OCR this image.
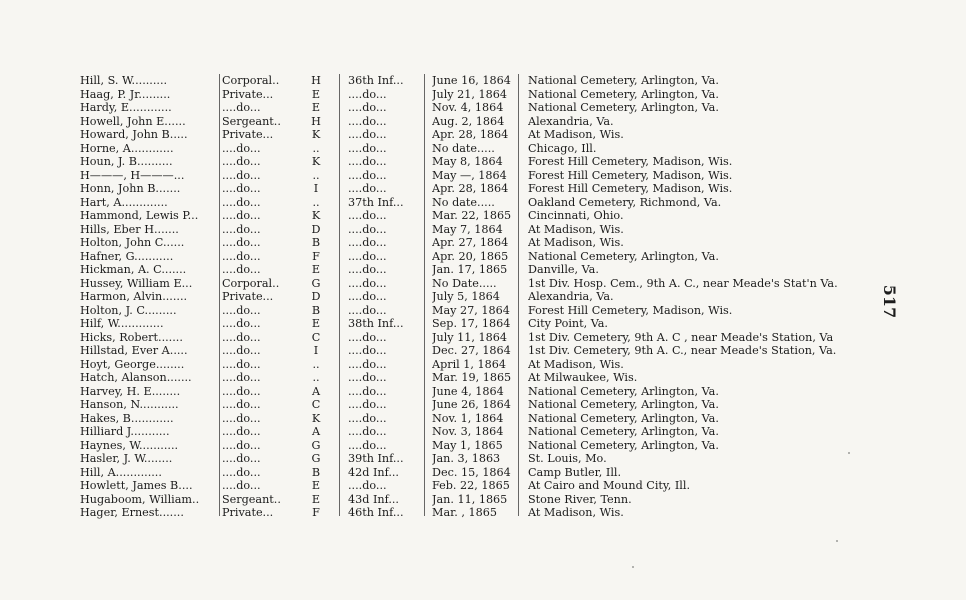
Hill, S. W..........	Corporal..	H 36th Inf...	June 16, 1864 National Cemetery, Arlington, Va.
Haag, P. Jr.........	Private...	E	....do...	July 21, 1864	National Cemetery, Arlington, Va.
Hardy, E............	....do...	E	....do...	Nov. 4, 1864	National Cemetery, Arlington, Va.
Howell, John E......	Sergeant..	H ....do...	Aug. 2, 1864	Alexandria, Va.
Howard, John B.....	Private...	K	....do...	Apr. 28, 1864	At Madison, Wis.
Horne, A............	....do...	..	....do...	No date.....	Chicago, Ill.
Houn, J. B..........	....do...	K	....do...	May 8, 1864	Forest Hill Cemetery, Madison, Wis.
H———, H———...	....do...	..	....do...	May —, 1864	Forest Hill Cemetery, Madison, Wis.
Honn, John B.......	....do...	I	....do...	Apr. 28, 1864	Forest Hill Cemetery, Madison, Wis.
Hart, A.............	....do...	..	37th Inf...	No date.....	Oakland Cemetery, Richmond, Va.
Hammond, Lewis P...	....do...	K	....do...	Mar. 22, 1865 Cincinnati, Ohio.
Hills, Eber H.......	....do...	D	....do...	May 7, 1864	At Madison, Wis.
Holton, John C......	....do...	B	....do...	Apr. 27, 1864	At Madison, Wis.
Hafner, G...........	....do...	F	....do...	Apr. 20, 1865	National Cemetery, Arlington, Va.
Hickman, A. C.......	....do...	E	....do...	Jan. 17, 1865	Danville, Va.
Hussey, William E...	Corporal..	G	....do...	No Date.....	1st Div. Hosp. Cem., 9th A. C., near Meade's Stat'n Va.
Harmon, Alvin.......	Private...	D	....do...	July 5, 1864	Alexandria, Va.
Holton, J. C.........	....do...	B	....do...	May 27, 1864	Forest Hill Cemetery, Madison, Wis.
Hilf, W.............	....do...	E	38th Inf...	Sep. 17, 1864	City Point, Va.
Hicks, Robert.......	....do...	C	....do...	July 11, 1864	1st Div. Cemetery, 9th A. C , near Meade's Station, Va
Hillstad, Ever A.....	....do...	I	....do...	Dec. 27, 1864 1st Div. Cemetery, 9th A. C., near Meade's Station, Va.
Hoyt, George........	....do...	..	....do...	April 1, 1864	At Madison, Wis.
Hatch, Alanson.......	....do...	..	....do...	Mar. 19, 1865 At Milwaukee, Wis.
Harvey, H. E........	....do...	A	....do...	June 4, 1864	National Cemetery, Arlington, Va.
Hanson, N...........	....do...	C	....do...	June 26, 1864 National Cemetery, Arlington, Va.
Hakes, B............	....do...	K	....do...	Nov. 1, 1864	National Cemetery, Arlington, Va.
Hilliard J...........	....do...	A	....do...	Nov. 3, 1864	National Cemetery, Arlington, Va.
Haynes, W...........	....do...	G	....do...	May 1, 1865	National Cemetery, Arlington, Va.
Hasler, J. W........	....do...	G	39th Inf...	Jan. 3, 1863	St. Louis, Mo.
Hill, A.............	....do...	B	42d Inf...	Dec. 15, 1864 Camp Butler, Ill.
Howlett, James B....	....do...	E	....do...	Feb. 22, 1865	At Cairo and Mound City, Ill.
Hugaboom, William..	Sergeant..	E	43d Inf...	Jan. 11, 1865	Stone River, Tenn.
Hager, Ernest.......	Private...	F	46th Inf...	Mar. , 1865	At Madison, Wis.
517
